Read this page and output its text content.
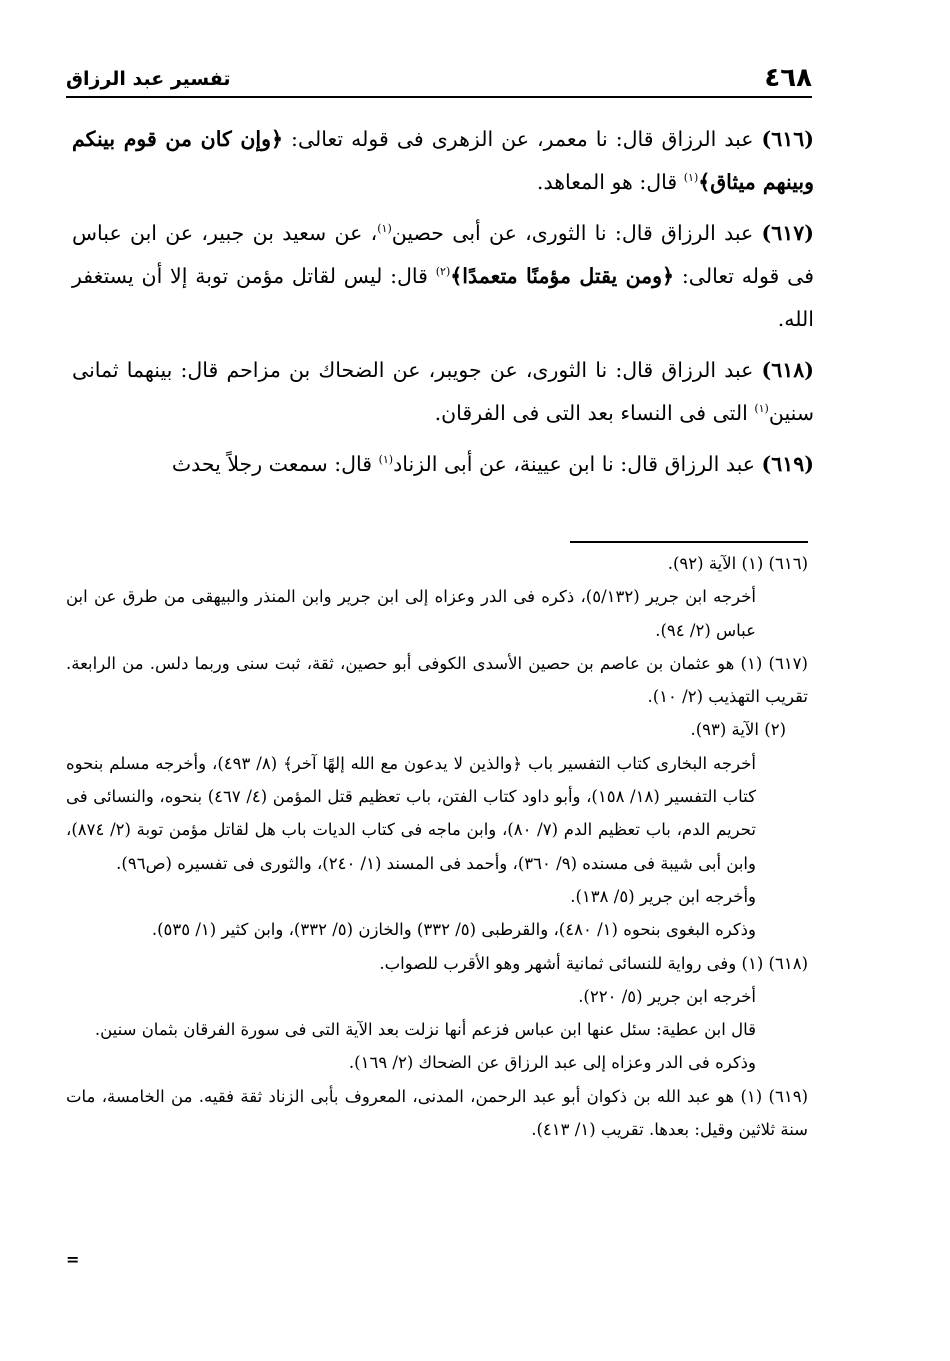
٤٦٨
تفسير عبد الرزاق

(٦١٦) عبد الرزاق قال: نا معمر، عن الزهرى فى قوله تعالى: ﴿وإن كان من قوم بينكم وبينهم ميثاق﴾$^{(١)}$ قال: هو المعاهد.

(٦١٧) عبد الرزاق قال: نا الثورى، عن أبى حصين$^{(١)}$، عن سعيد بن جبير، عن ابن عباس فى قوله تعالى: ﴿ومن يقتل مؤمنًا متعمدًا﴾$^{(٢)}$ قال: ليس لقاتل مؤمن توبة إلا أن يستغفر الله.

(٦١٨) عبد الرزاق قال: نا الثورى، عن جويبر، عن الضحاك بن مزاحم قال: بينهما ثمانى سنين$^{(١)}$ التى فى النساء بعد التى فى الفرقان.

(٦١٩) عبد الرزاق قال: نا ابن عيينة، عن أبى الزناد$^{(١)}$ قال: سمعت رجلاً يحدث

(٦١٦) (١) الآية (٩٢).
أخرجه ابن جرير (٥/١٣٢)، ذكره فى الدر وعزاه إلى ابن جرير وابن المنذر والبيهقى من طرق عن ابن عباس (٢/ ٩٤).
(٦١٧) (١) هو عثمان بن عاصم بن حصين الأسدى الكوفى أبو حصين، ثقة، ثبت سنى وربما دلس. من الرابعة. تقريب التهذيب (٢/ ١٠).
(٢) الآية (٩٣).
أخرجه البخارى كتاب التفسير باب ﴿والذين لا يدعون مع الله إلهًا آخر﴾ (٨/ ٤٩٣)، وأخرجه مسلم بنحوه كتاب التفسير (١٨/ ١٥٨)، وأبو داود كتاب الفتن، باب تعظيم قتل المؤمن (٤/ ٤٦٧) بنحوه، والنسائى فى تحريم الدم، باب تعظيم الدم (٧/ ٨٠)، وابن ماجه فى كتاب الديات باب هل لقاتل مؤمن توبة (٢/ ٨٧٤)، وابن أبى شيبة فى مسنده (٩/ ٣٦٠)، وأحمد فى المسند (١/ ٢٤٠)، والثورى فى تفسيره (ص٩٦).
وأخرجه ابن جرير (٥/ ١٣٨).
وذكره البغوى بنحوه (١/ ٤٨٠)، والقرطبى (٥/ ٣٣٢) والخازن (٥/ ٣٣٢)، وابن كثير (١/ ٥٣٥).
(٦١٨) (١) وفى رواية للنسائى ثمانية أشهر وهو الأقرب للصواب.
أخرجه ابن جرير (٥/ ٢٢٠).
قال ابن عطية: سئل عنها ابن عباس فزعم أنها نزلت بعد الآية التى فى سورة الفرقان بثمان سنين.
وذكره فى الدر وعزاه إلى عبد الرزاق عن الضحاك (٢/ ١٦٩).
(٦١٩) (١) هو عبد الله بن ذكوان أبو عبد الرحمن، المدنى، المعروف بأبى الزناد ثقة فقيه. من الخامسة، مات سنة ثلاثين وقيل: بعدها. تقريب (١/ ٤١٣).
=
